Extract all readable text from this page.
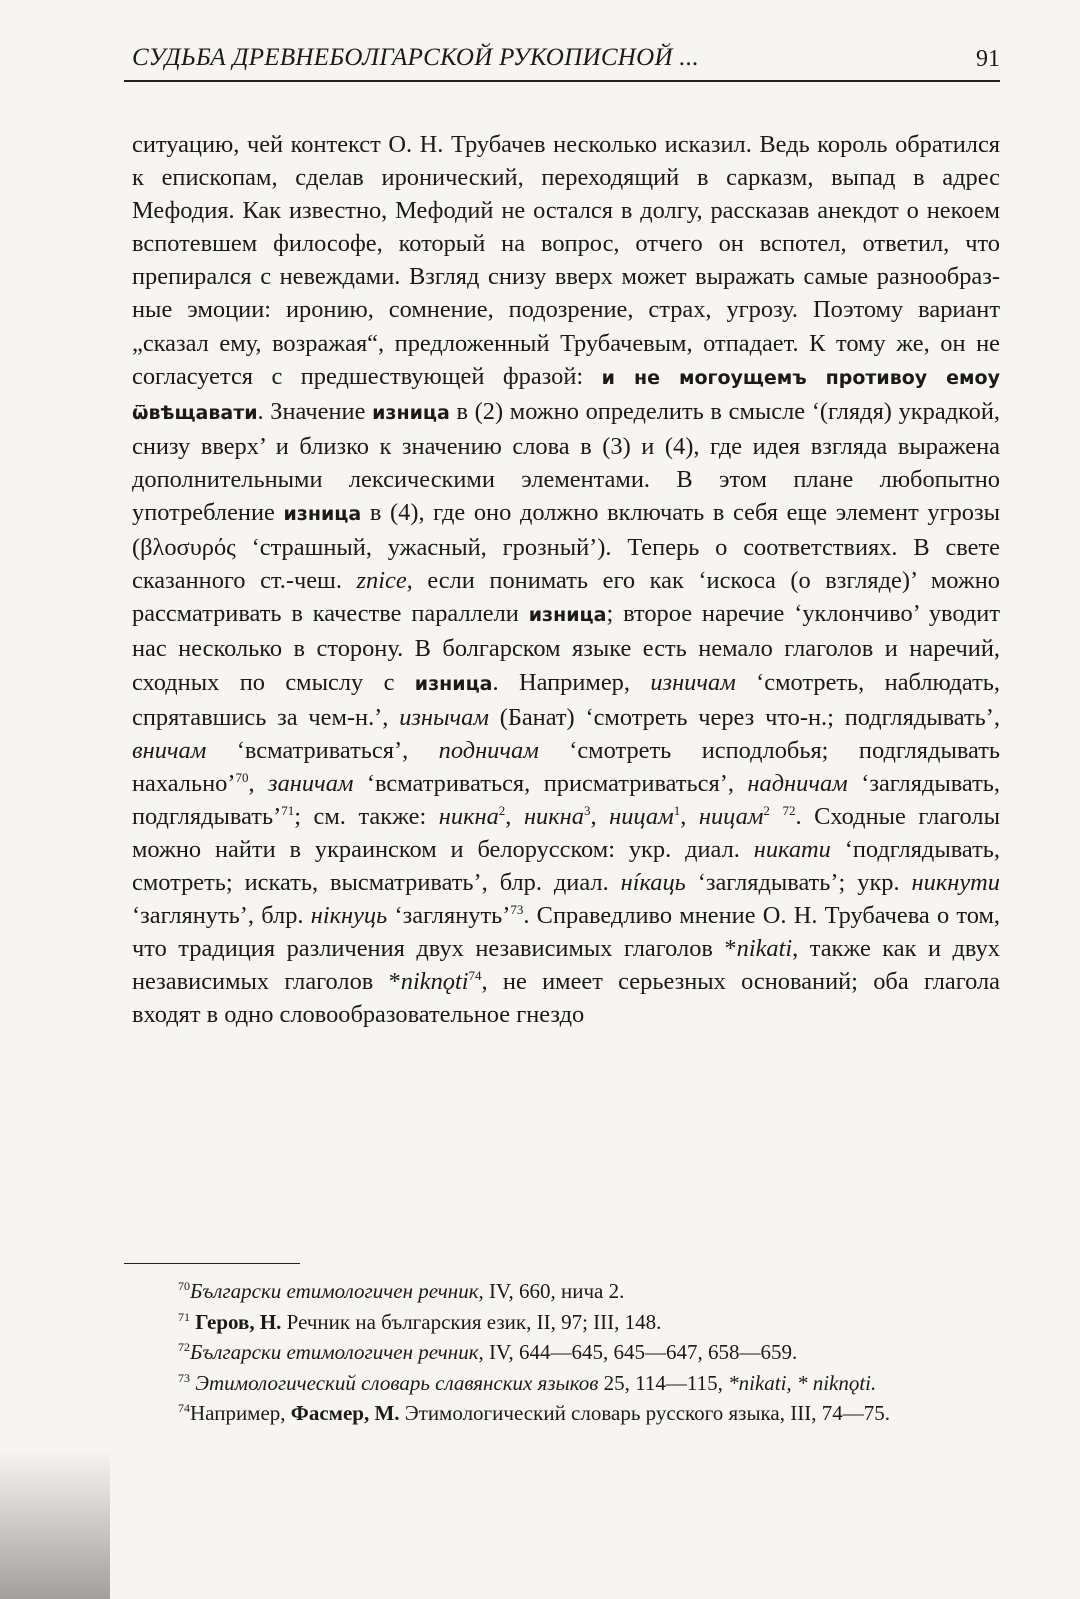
СУДЬБА ДРЕВНЕБОЛГАРСКОЙ РУКОПИСНОЙ ...	91

ситуацию, чей контекст О. Н. Трубачев несколько исказил. Ведь король обратился к епископам, сделав иронический, переходящий в сарказм, выпад в адрес Мефодия. Как известно, Мефодий не остался в долгу, рассказав анекдот о некоем вспотевшем философе, который на вопрос, отчего он вспотел, ответил, что препирался с невеждами. Взгляд снизу вверх может выражать самые разнообразные эмоции: иронию, сомнение, подозрение, страх, угрозу. Поэтому вариант „сказал ему, возражая“, предложенный Трубачевым, отпадает. К тому же, он не согласуется с предшествующей фразой: и не могоущемъ противоу емоу ѿвѣщавати. Значение изница в (2) можно определить в смысле ‘(глядя) украдкой, снизу вверх’ и близко к значению слова в (3) и (4), где идея взгляда выражена дополнительными лексическими элементами. В этом плане любопытно употребление изница в (4), где оно должно включать в себя еще элемент угрозы (βλοσυρός ‘страшный, ужасный, грозный’). Теперь о соответствиях. В свете сказанного ст.-чеш. znice, если понимать его как ‘искоса (о взгляде)’ можно рассматривать в качестве параллели изница; второе наречие ‘уклончиво’ уводит нас несколько в сторону. В болгарском языке есть немало глаголов и наречий, сходных по смыслу с изница. Например, изничам ‘смотреть, наблюдать, спрятавшись за чем-н.’, изнычам (Банат) ‘смотреть через что-н.; подглядывать’, вничам ‘всматриваться’, подничам ‘смотреть исподлобья; подглядывать нахально’$^{70}$, заничам ‘всматриваться, присматриваться’, надничам ‘заглядывать, подглядывать’$^{71}$; см. также: никна$^2$, никна$^3$, ницам$^1$, ницам$^2$ $^{72}$. Сходные глаголы можно найти в украинском и белорусском: укр. диал. никати ‘подглядывать, смотреть; искать, высматривать’, блр. диал. нíкаць ‘заглядывать’; укр. никнути ‘заглянуть’, блр. нікнуць ‘заглянуть’$^{73}$. Справедливо мнение О. Н. Трубачева о том, что традиция различения двух независимых глаголов *nikati, также как и двух независимых глаголов *niknǫti$^{74}$, не имеет серьезных оснований; оба глагола входят в одно словообразовательное гнездо

$^{70}$Български етимологичен речник, IV, 660, нича 2.

$^{71}$ Геров, Н. Речник на българския език, II, 97; III, 148.

$^{72}$Български етимологичен речник, IV, 644—645, 645—647, 658—659.

$^{73}$ Этимологический словарь славянских языков 25, 114—115, *nikati, * niknǫti.

$^{74}$Например, Фасмер, М. Этимологический словарь русского языка, III, 74—75.
